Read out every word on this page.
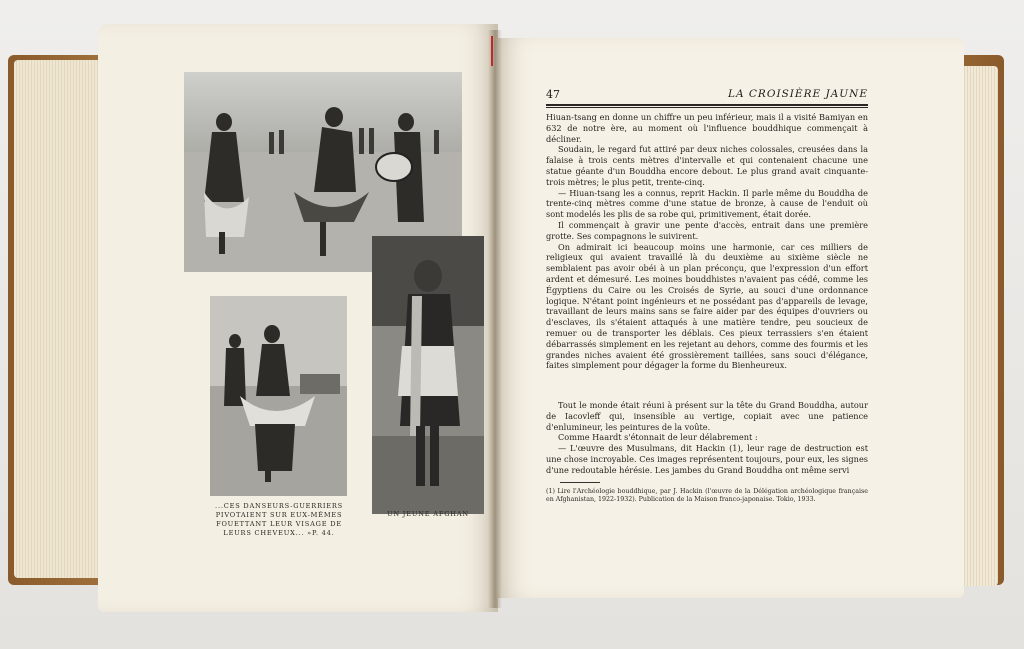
...CES DANSEURS-GUERRIERS PIVOTAIENT SUR EUX-MÊMES FOUETTANT LEUR VISAGE DE LEURS CHEVEUX... »P. 44.
UN JEUNE AFGHAN
47	LA CROISIÈRE JAUNE

Hiuan-tsang en donne un chiffre un peu inférieur, mais il a visité Bamiyan en 632 de notre ère, au moment où l'influence bouddhique commençait à décliner.

Soudain, le regard fut attiré par deux niches colossales, creusées dans la falaise à trois cents mètres d'intervalle et qui contenaient chacune une statue géante d'un Bouddha encore debout. Le plus grand avait cinquante-trois mètres; le plus petit, trente-cinq.

— Hiuan-tsang les a connus, reprit Hackin. Il parle même du Bouddha de trente-cinq mètres comme d'une statue de bronze, à cause de l'enduit où sont modelés les plis de sa robe qui, primitivement, était dorée.

Il commençait à gravir une pente d'accès, entrait dans une première grotte. Ses compagnons le suivirent.

On admirait ici beaucoup moins une harmonie, car ces milliers de religieux qui avaient travaillé là du deuxième au sixième siècle ne semblaient pas avoir obéi à un plan préconçu, que l'expression d'un effort ardent et démesuré. Les moines bouddhistes n'avaient pas cédé, comme les Égyptiens du Caire ou les Croisés de Syrie, au souci d'une ordonnance logique. N'étant point ingénieurs et ne possédant pas d'appareils de levage, travaillant de leurs mains sans se faire aider par des équipes d'ouvriers ou d'esclaves, ils s'étaient attaqués à une matière tendre, peu soucieux de remuer ou de transporter les déblais. Ces pieux terrassiers s'en étaient débarrassés simplement en les rejetant au dehors, comme des fourmis et les grandes niches avaient été grossièrement taillées, sans souci d'élégance, faites simplement pour dégager la forme du Bienheureux.

Tout le monde était réuni à présent sur la tête du Grand Bouddha, autour de Iacovleff qui, insensible au vertige, copiait avec une patience d'enlumineur, les peintures de la voûte.

Comme Haardt s'étonnait de leur délabrement :

— L'œuvre des Musulmans, dit Hackin (1), leur rage de destruction est une chose incroyable. Ces images représentent toujours, pour eux, les signes d'une redoutable hérésie. Les jambes du Grand Bouddha ont même servi

(1) Lire l'Archéologie bouddhique, par J. Hackin (l'œuvre de la Délégation archéologique française en Afghanistan, 1922-1932). Publication de la Maison franco-japonaise. Tokio, 1933.
